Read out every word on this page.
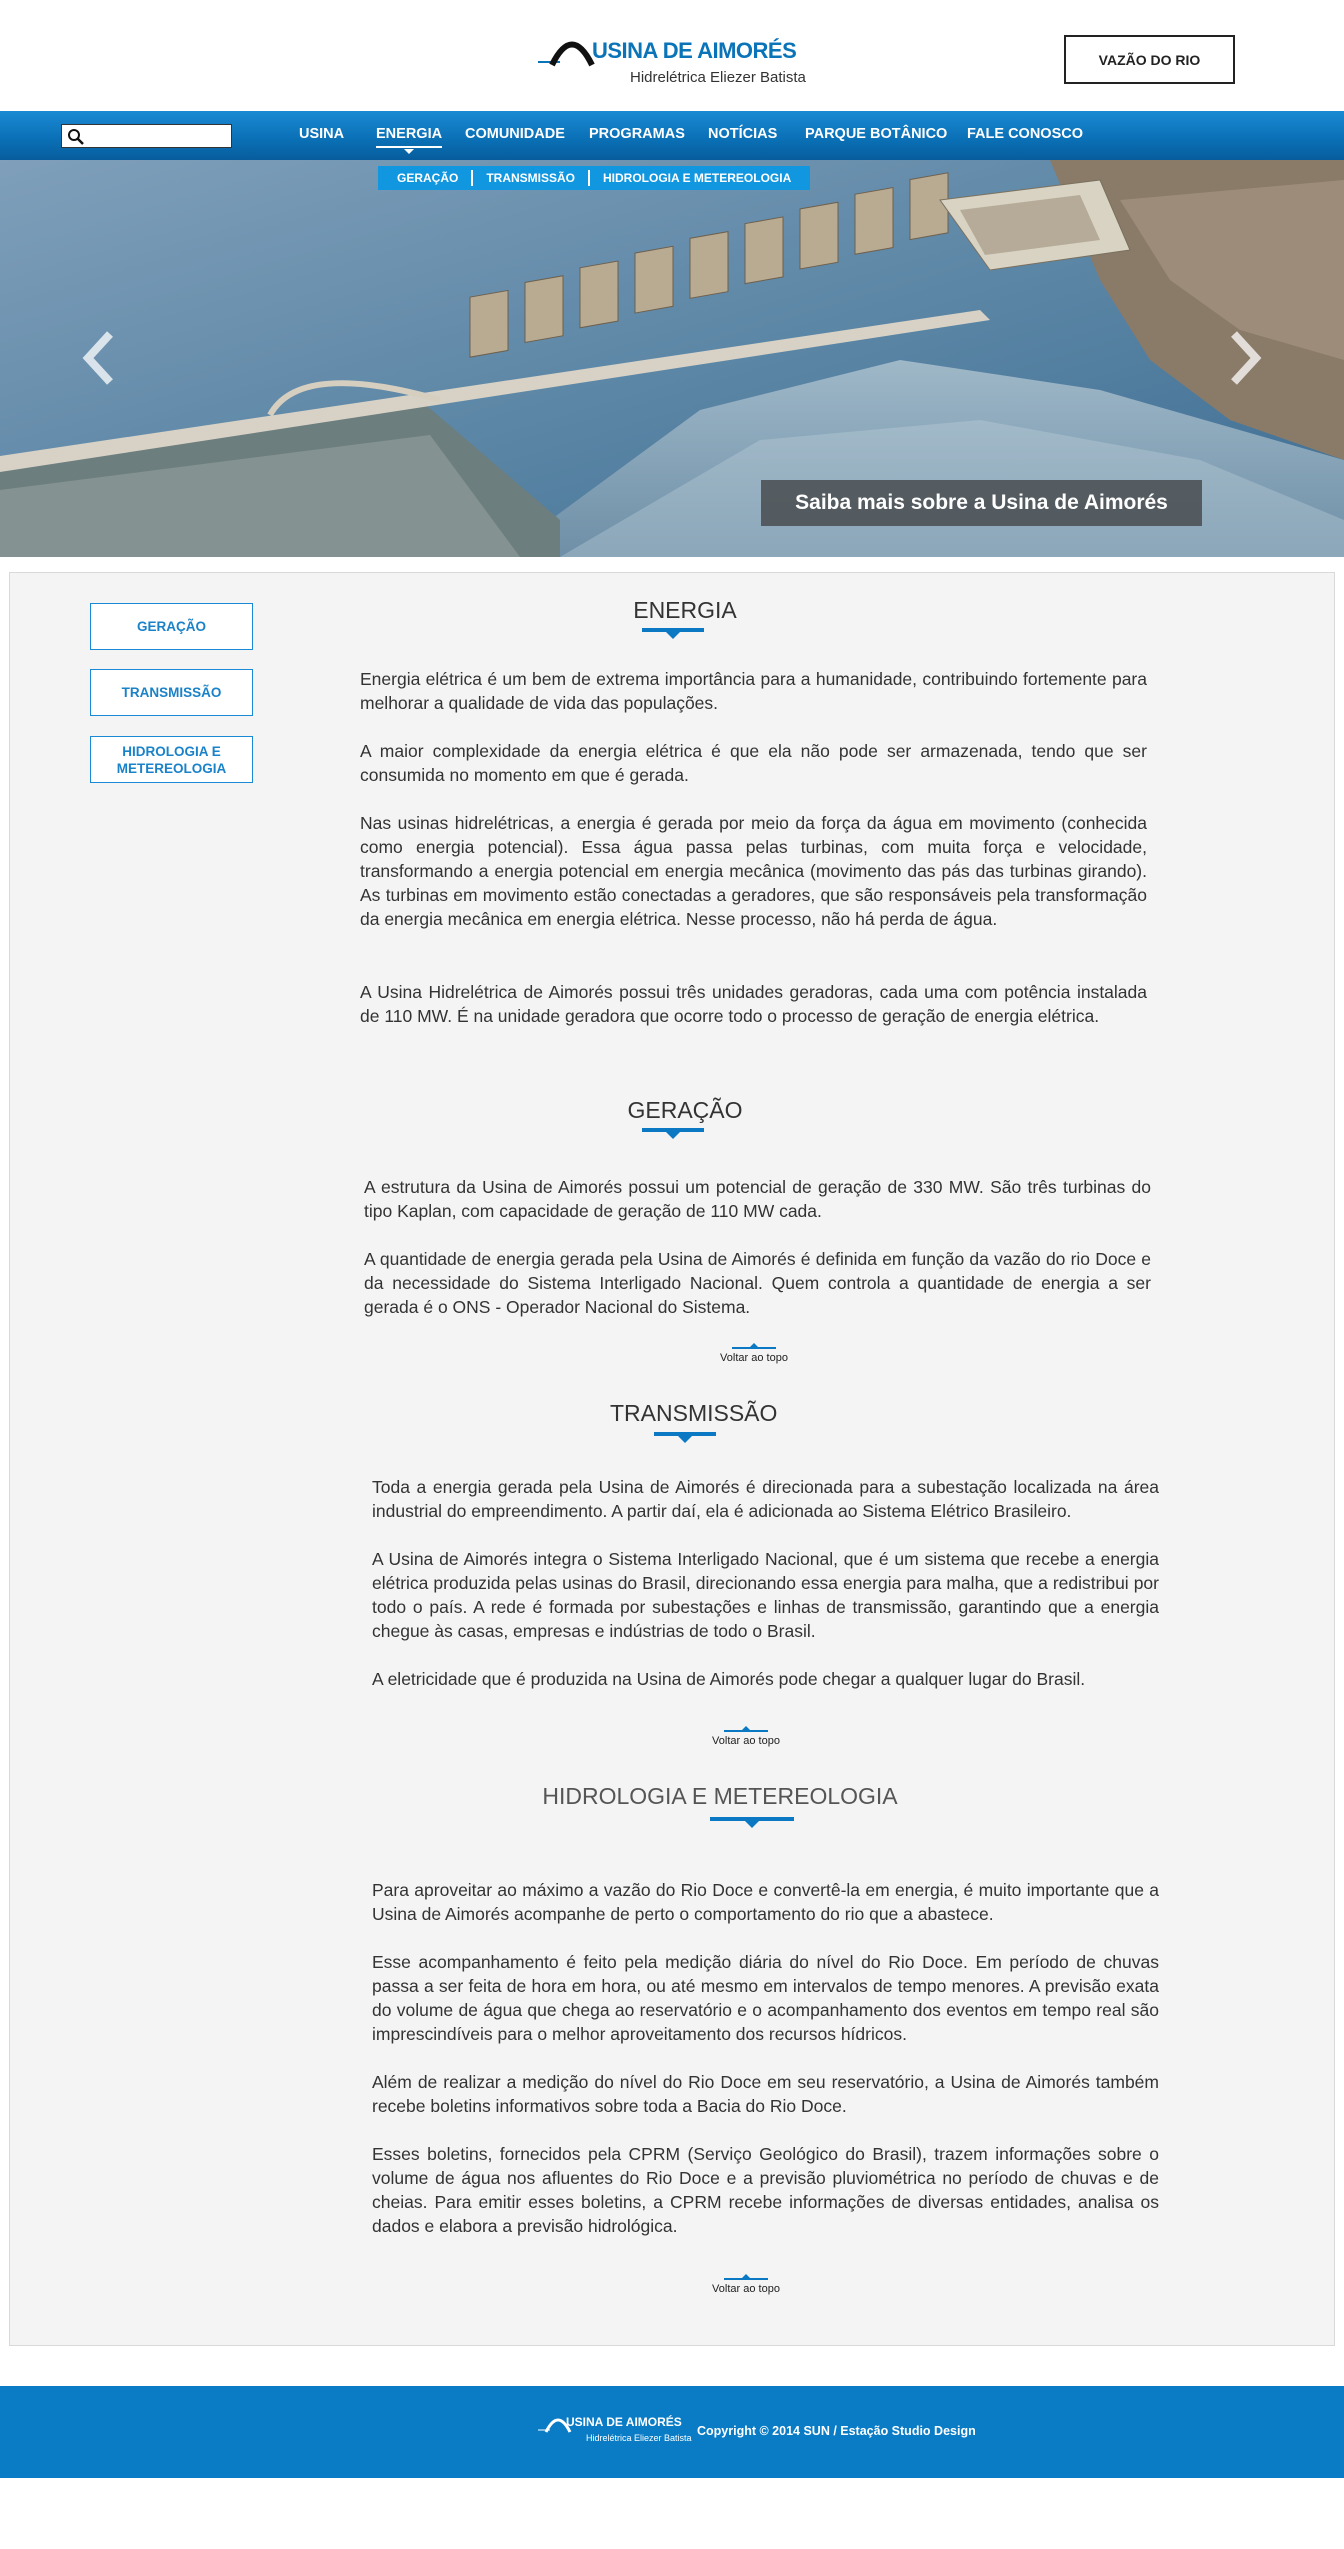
USINA DE AIMORÉS
Hidrelétrica Eliezer Batista
VAZÃO DO RIO
USINA ENERGIA COMUNIDADE PROGRAMAS NOTÍCIAS PARQUE BOTÂNICO FALE CONOSCO
GERAÇÃO	TRANSMISSÃO	HIDROLOGIA E METEREOLOGIA
Saiba mais sobre a Usina de Aimorés
GERAÇÃO
TRANSMISSÃO
HIDROLOGIA E METEREOLOGIA
ENERGIA

Energia elétrica é um bem de extrema importância para a humanidade, contribuindo fortemente para melhorar a qualidade de vida das populações.

A maior complexidade da energia elétrica é que ela não pode ser armazenada, tendo que ser consumida no momento em que é gerada.

Nas usinas hidrelétricas, a energia é gerada por meio da força da água em movimento (conhecida como energia potencial). Essa água passa pelas turbinas, com muita força e velocidade, transformando a energia potencial em energia mecânica (movimento das pás das turbinas girando). As turbinas em movimento estão conectadas a geradores, que são responsáveis pela transformação da energia mecânica em energia elétrica. Nesse processo, não há perda de água.

A Usina Hidrelétrica de Aimorés possui três unidades geradoras, cada uma com potência instalada de 110 MW. É na unidade geradora que ocorre todo o processo de geração de energia elétrica.

GERAÇÃO

A estrutura da Usina de Aimorés possui um potencial de geração de 330 MW. São três turbinas do tipo Kaplan, com capacidade de geração de 110 MW cada.

A quantidade de energia gerada pela Usina de Aimorés é definida em função da vazão do rio Doce e da necessidade do Sistema Interligado Nacional. Quem controla a quantidade de energia a ser gerada é o ONS - Operador Nacional do Sistema.

Voltar ao topo
TRANSMISSÃO

Toda a energia gerada pela Usina de Aimorés é direcionada para a subestação localizada na área industrial do empreendimento. A partir daí, ela é adicionada ao Sistema Elétrico Brasileiro.

A Usina de Aimorés integra o Sistema Interligado Nacional, que é um sistema que recebe a energia elétrica produzida pelas usinas do Brasil, direcionando essa energia para malha, que a redistribui por todo o país. A rede é formada por subestações e linhas de transmissão, garantindo que a energia chegue às casas, empresas e indústrias de todo o Brasil.

A eletricidade que é produzida na Usina de Aimorés pode chegar a qualquer lugar do Brasil.

Voltar ao topo
HIDROLOGIA E METEREOLOGIA

Para aproveitar ao máximo a vazão do Rio Doce e convertê-la em energia, é muito importante que a Usina de Aimorés acompanhe de perto o comportamento do rio que a abastece.

Esse acompanhamento é feito pela medição diária do nível do Rio Doce. Em período de chuvas passa a ser feita de hora em hora, ou até mesmo em intervalos de tempo menores. A previsão exata do volume de água que chega ao reservatório e o acompanhamento dos eventos em tempo real são imprescindíveis para o melhor aproveitamento dos recursos hídricos.

Além de realizar a medição do nível do Rio Doce em seu reservatório, a Usina de Aimorés também recebe boletins informativos sobre toda a Bacia do Rio Doce.

Esses boletins, fornecidos pela CPRM (Serviço Geológico do Brasil), trazem informações sobre o volume de água nos afluentes do Rio Doce e a previsão pluviométrica no período de chuvas e de cheias. Para emitir esses boletins, a CPRM recebe informações de diversas entidades, analisa os dados e elabora a previsão hidrológica.

Voltar ao topo
USINA DE AIMORÉS
Hidrelétrica Eliezer Batista Copyright © 2014 SUN / Estação Studio Design
